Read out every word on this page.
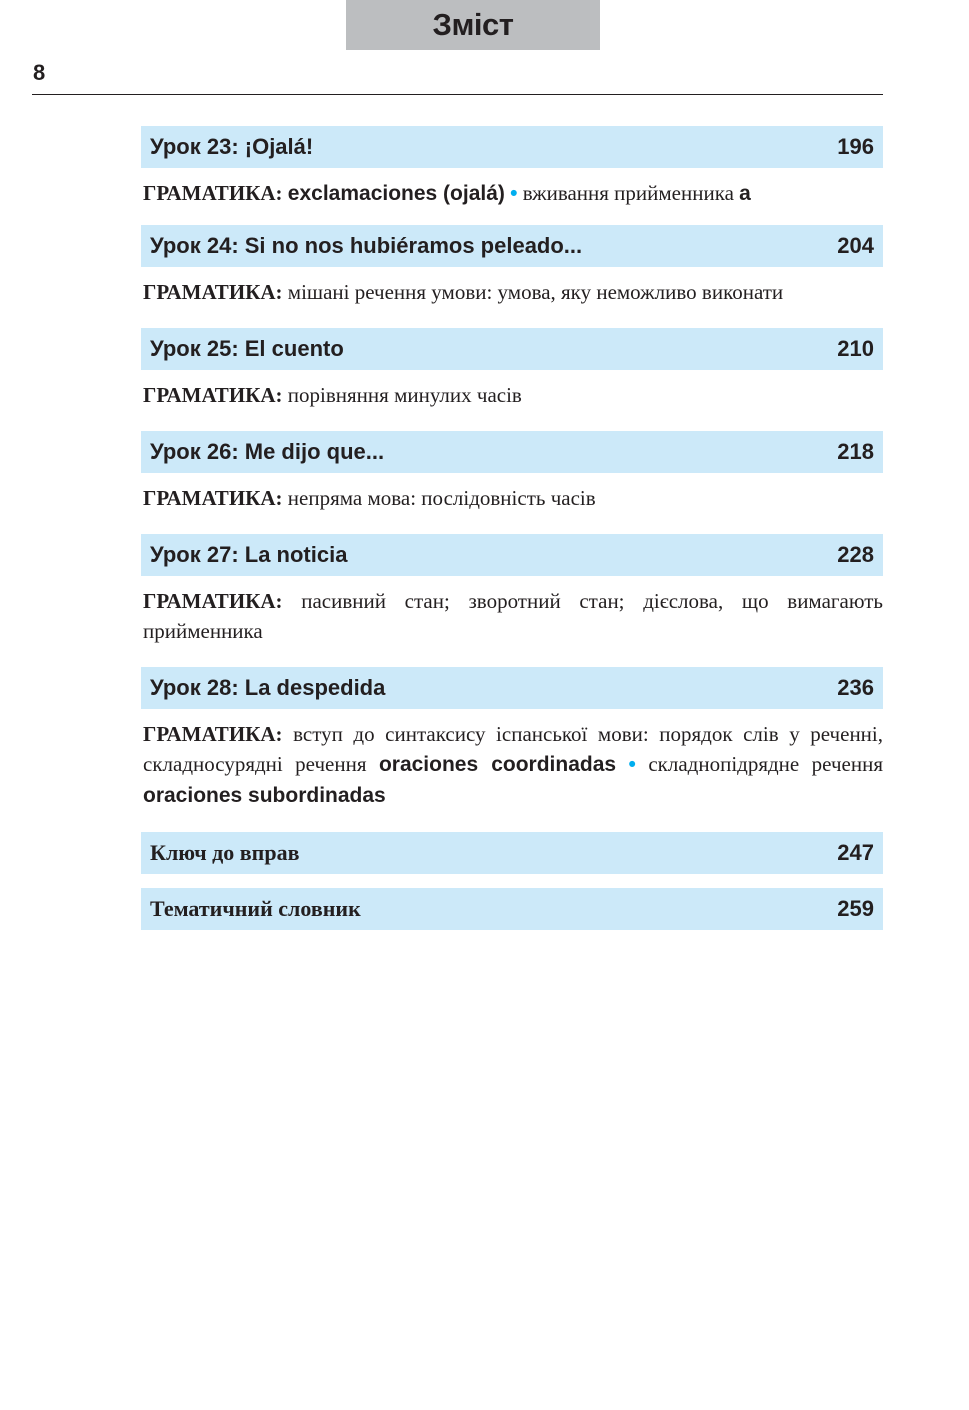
Зміст
8
Урок 23: ¡Ojalá!	196
ГРАМАТИКА: exclamaciones (ojalá) • вживання прийменника a
Урок 24: Si no nos hubiéramos peleado...	204
ГРАМАТИКА: мішані речення умови: умова, яку неможливо виконати
Урок 25: El cuento	210
ГРАМАТИКА: порівняння минулих часів
Урок 26: Me dijo que...	218
ГРАМАТИКА: непряма мова: послідовність часів
Урок 27: La noticia	228
ГРАМАТИКА: пасивний стан; зворотний стан; дієслова, що вимагають прийменника
Урок 28: La despedida	236
ГРАМАТИКА: вступ до синтаксису іспанської мови: порядок слів у реченні, складносурядні речення oraciones coordinadas • складнопідрядне речення oraciones subordinadas
Ключ до вправ	247
Тематичний словник	259
